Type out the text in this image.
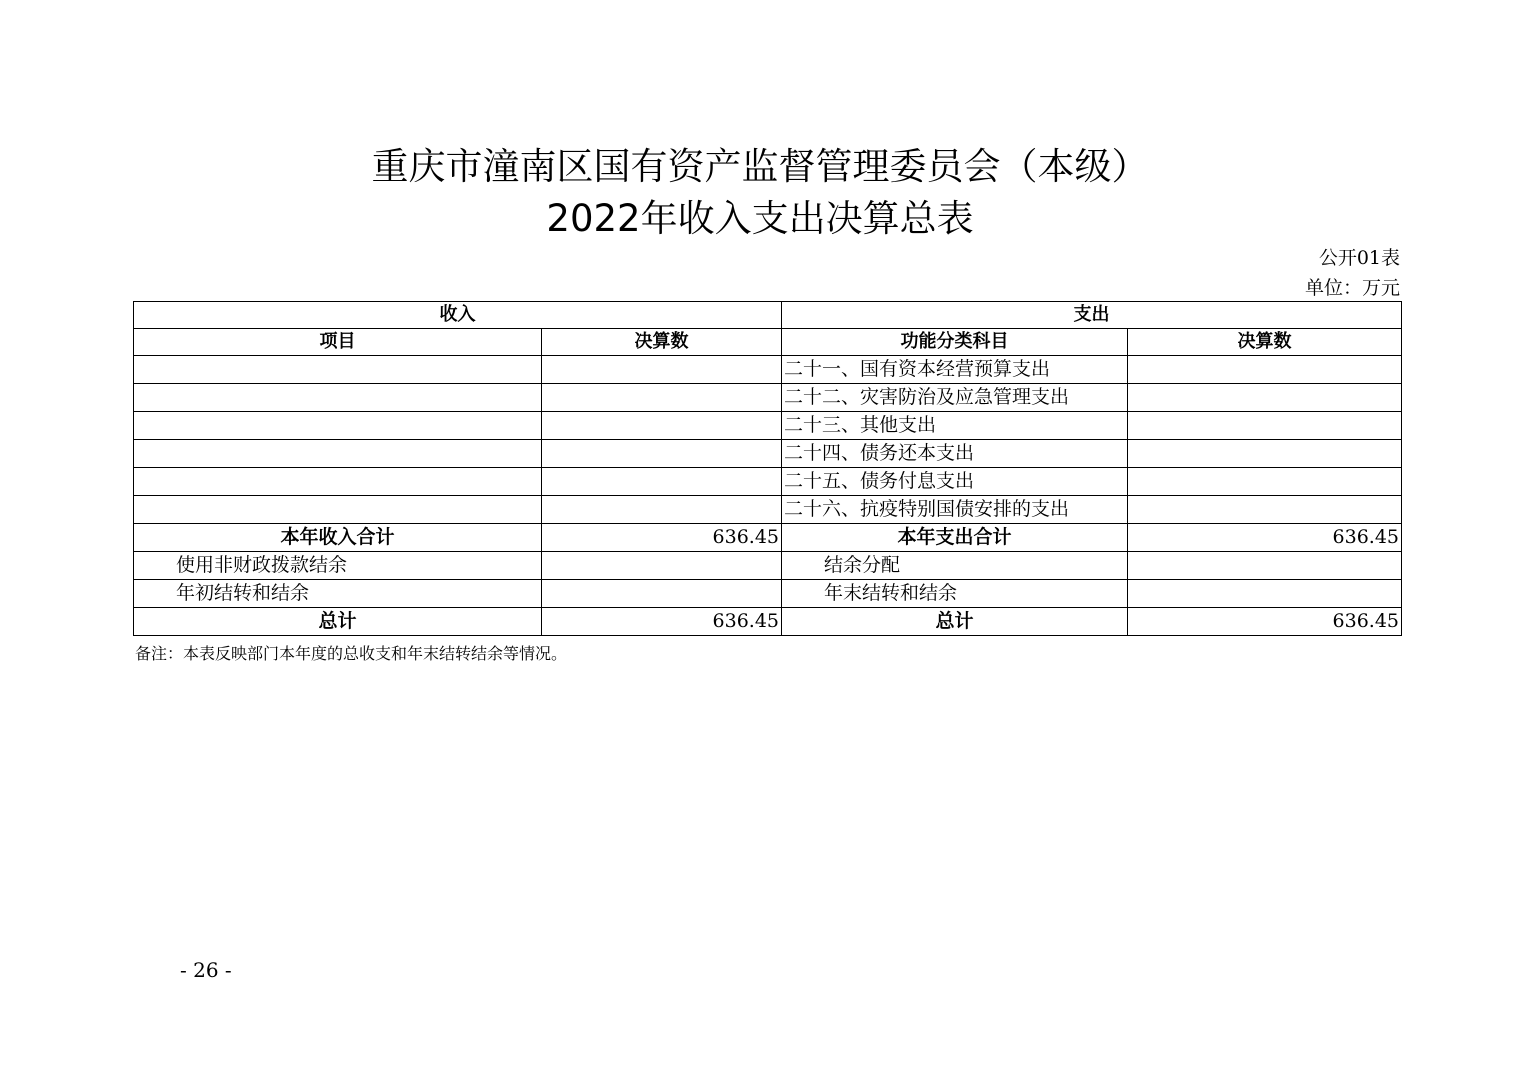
重庆市潼南区国有资产监督管理委员会（本级）
2022年收入支出决算总表
公开01表
单位：万元
收入		支出	
项目	决算数	功能分类科目	决算数
		二十一、国有资本经营预算支出	
		二十二、灾害防治及应急管理支出	
		二十三、其他支出	
		二十四、债务还本支出	
		二十五、债务付息支出	
		二十六、抗疫特别国债安排的支出	
本年收入合计	636.45	本年支出合计	636.45
使用非财政拨款结余		结余分配	
年初结转和结余		年末结转和结余	
总计	636.45	总计	636.45
备注：本表反映部门本年度的总收支和年末结转结余等情况。
- 26 -
